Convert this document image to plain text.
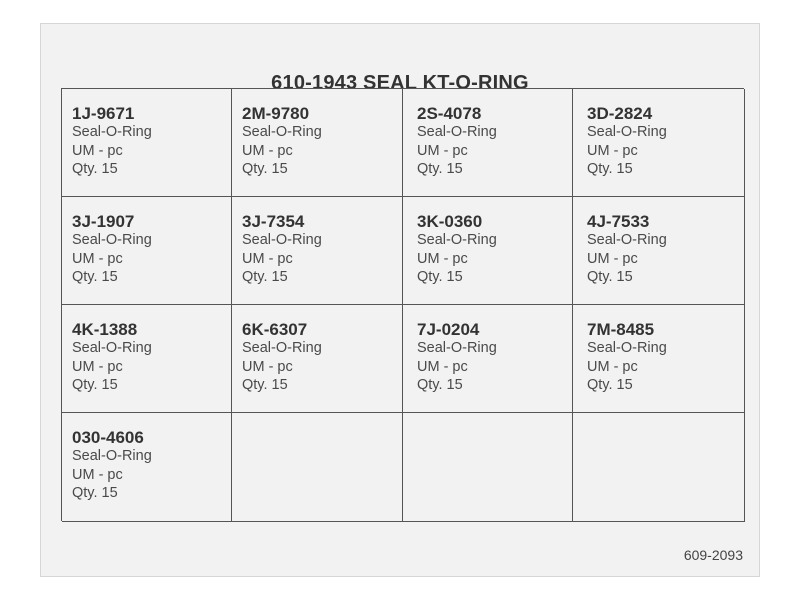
610-1943 SEAL KT-O-RING
1J-9671
Seal-O-Ring
UM - pc
Qty. 15
2M-9780
Seal-O-Ring
UM - pc
Qty. 15
2S-4078
Seal-O-Ring
UM - pc
Qty. 15
3D-2824
Seal-O-Ring
UM - pc
Qty. 15
3J-1907
Seal-O-Ring
UM - pc
Qty. 15
3J-7354
Seal-O-Ring
UM - pc
Qty. 15
3K-0360
Seal-O-Ring
UM - pc
Qty. 15
4J-7533
Seal-O-Ring
UM - pc
Qty. 15
4K-1388
Seal-O-Ring
UM - pc
Qty. 15
6K-6307
Seal-O-Ring
UM - pc
Qty. 15
7J-0204
Seal-O-Ring
UM - pc
Qty. 15
7M-8485
Seal-O-Ring
UM - pc
Qty. 15
030-4606
Seal-O-Ring
UM - pc
Qty. 15
609-2093
